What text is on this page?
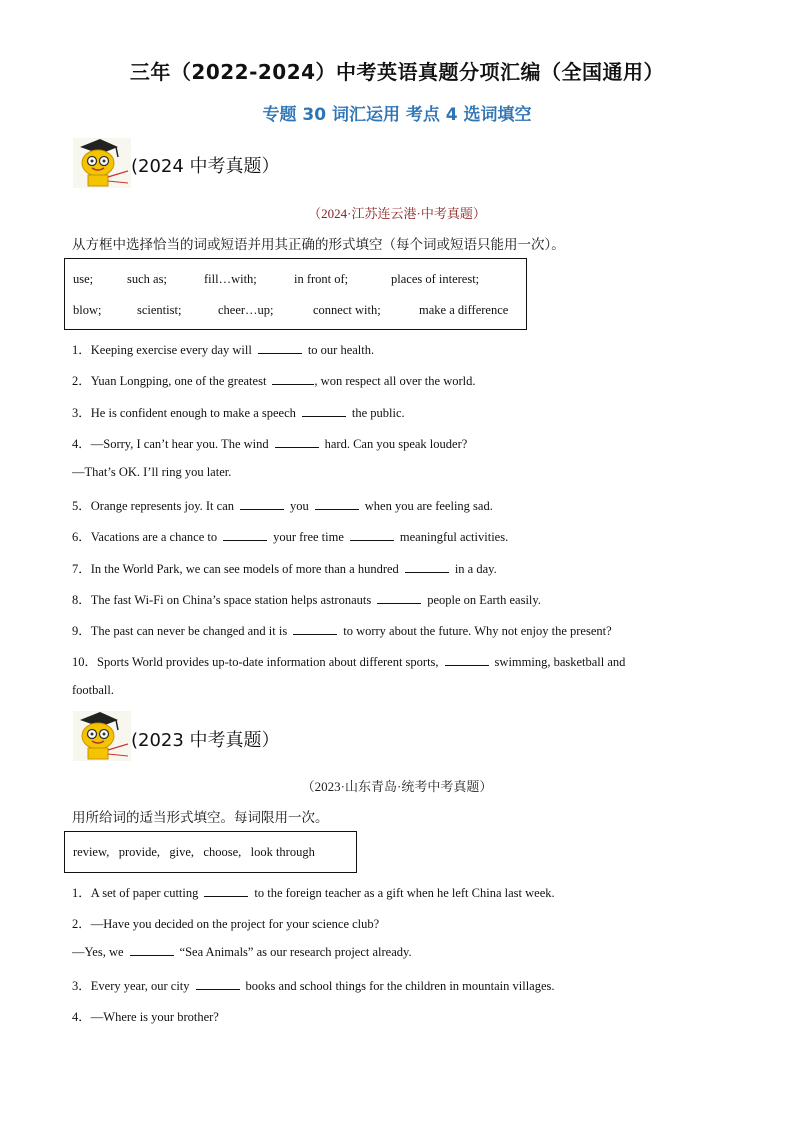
三年（2022-2024）中考英语真题分项汇编（全国通用）
专题 30 词汇运用 考点 4 选词填空
(2024 中考真题）
（2024·江苏连云港·中考真题）
从方框中选择恰当的词或短语并用其正确的形式填空（每个词或短语只能用一次）。
use;	such as;	fill…with;	in front of;	places of interest;
blow;	scientist;	cheer…up;	connect with;	make a difference
1．Keeping exercise every day will	to our health.
2．Yuan Longping, one of the greatest	, won respect all over the world.
3．He is confident enough to make a speech	the public.
4．—Sorry, I can’t hear you. The wind	hard. Can you speak louder?
—That’s OK. I’ll ring you later.
5．Orange represents joy. It can	you	when you are feeling sad.
6．Vacations are a chance to	your free time	meaningful activities.
7．In the World Park, we can see models of more than a hundred	in a day.
8．The fast Wi-Fi on China’s space station helps astronauts	people on Earth easily.
9．The past can never be changed and it is	to worry about the future. Why not enjoy the present?
10．Sports World provides up-to-date information about different sports,	swimming, basketball and
football.
(2023 中考真题）
（2023·山东青岛·统考中考真题）
用所给词的适当形式填空。每词限用一次。
review,   provide,   give,   choose,   look through
1．A set of paper cutting	to the foreign teacher as a gift when he left China last week.
2．—Have you decided on the project for your science club?
—Yes, we	“Sea Animals” as our research project already.
3．Every year, our city	books and school things for the children in mountain villages.
4．—Where is your brother?
